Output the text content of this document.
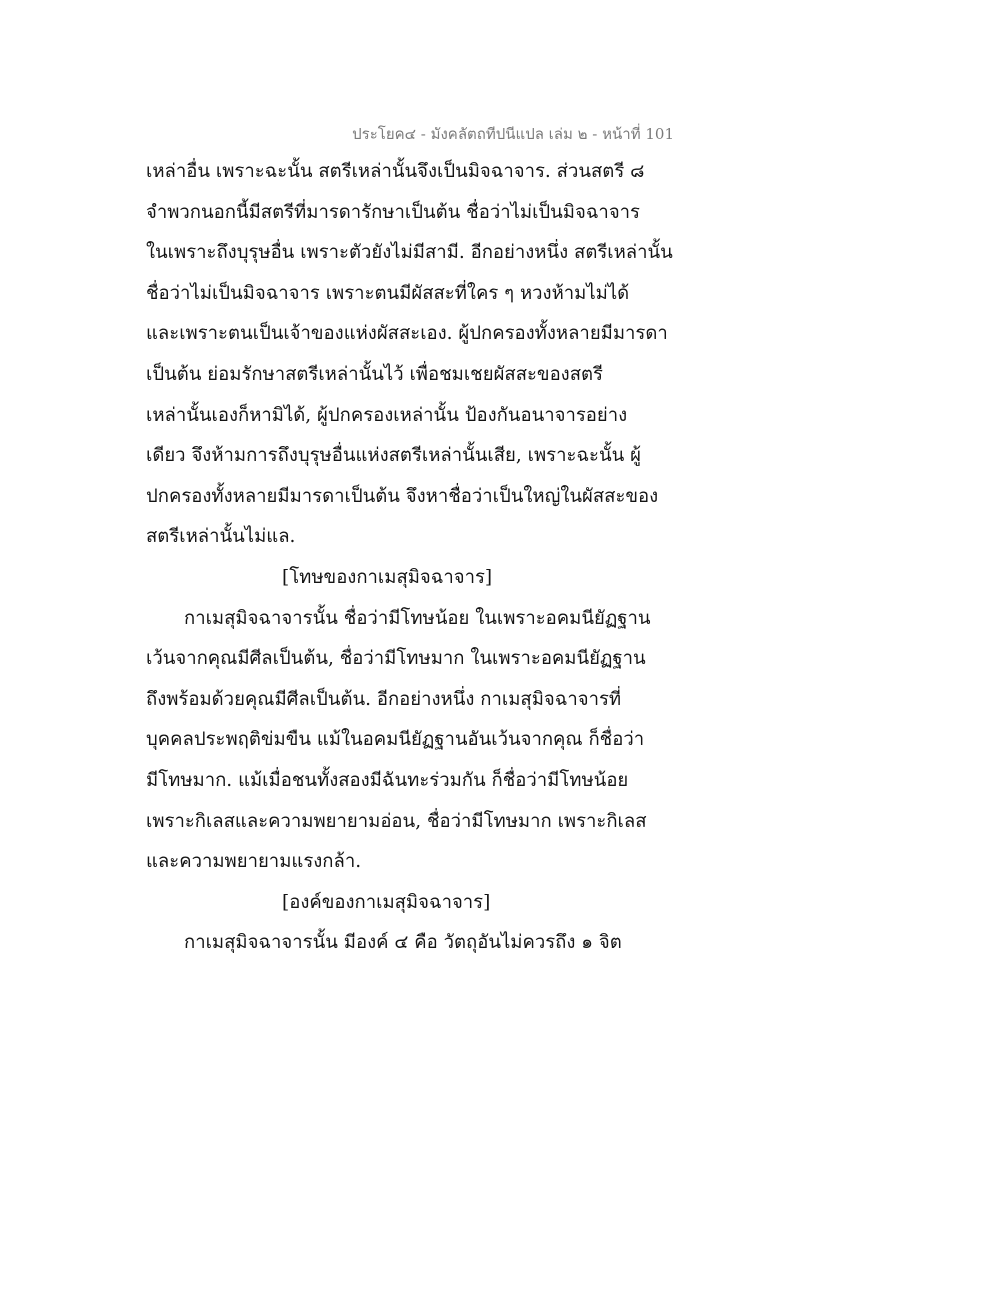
ประโยค๔ - มังคลัตถทีปนีแปล เล่ม ๒ - หน้าที่ 101
เหล่าอื่น เพราะฉะนั้น สตรีเหล่านั้นจึงเป็นมิจฉาจาร. ส่วนสตรี ๘
จำพวกนอกนี้มีสตรีที่มารดารักษาเป็นต้น ชื่อว่าไม่เป็นมิจฉาจาร
ในเพราะถึงบุรุษอื่น เพราะตัวยังไม่มีสามี. อีกอย่างหนึ่ง สตรีเหล่านั้น
ชื่อว่าไม่เป็นมิจฉาจาร เพราะตนมีผัสสะที่ใคร ๆ หวงห้ามไม่ได้
และเพราะตนเป็นเจ้าของแห่งผัสสะเอง. ผู้ปกครองทั้งหลายมีมารดา
เป็นต้น ย่อมรักษาสตรีเหล่านั้นไว้ เพื่อชมเชยผัสสะของสตรี
เหล่านั้นเองก็หามิได้, ผู้ปกครองเหล่านั้น ป้องกันอนาจารอย่าง
เดียว จึงห้ามการถึงบุรุษอื่นแห่งสตรีเหล่านั้นเสีย, เพราะฉะนั้น ผู้
ปกครองทั้งหลายมีมารดาเป็นต้น จึงหาชื่อว่าเป็นใหญ่ในผัสสะของ
สตรีเหล่านั้นไม่แล.
[โทษของกาเมสุมิจฉาจาร]
กาเมสุมิจฉาจารนั้น ชื่อว่ามีโทษน้อย ในเพราะอคมนียัฏฐาน
เว้นจากคุณมีศีลเป็นต้น, ชื่อว่ามีโทษมาก ในเพราะอคมนียัฏฐาน
ถึงพร้อมด้วยคุณมีศีลเป็นต้น. อีกอย่างหนึ่ง กาเมสุมิจฉาจารที่
บุคคลประพฤติข่มขืน แม้ในอคมนียัฏฐานอันเว้นจากคุณ ก็ชื่อว่า
มีโทษมาก. แม้เมื่อชนทั้งสองมีฉันทะร่วมกัน ก็ชื่อว่ามีโทษน้อย
เพราะกิเลสและความพยายามอ่อน, ชื่อว่ามีโทษมาก เพราะกิเลส
และความพยายามแรงกล้า.
[องค์ของกาเมสุมิจฉาจาร]
กาเมสุมิจฉาจารนั้น มีองค์ ๔ คือ วัตถุอันไม่ควรถึง ๑ จิต
